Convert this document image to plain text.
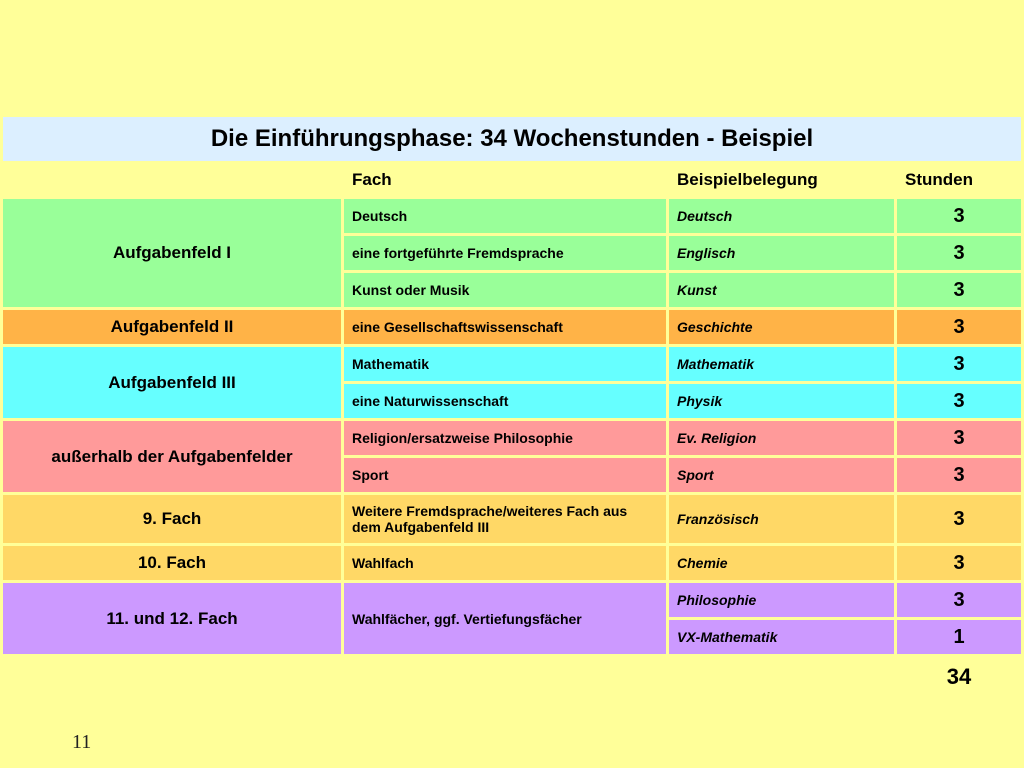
Die Einführungsphase: 34 Wochenstunden - Beispiel			
	Fach	Beispielbelegung	Stunden
Aufgabenfeld I	Deutsch	Deutsch	3
	eine fortgeführte Fremdsprache	Englisch	3
	Kunst oder Musik	Kunst	3
Aufgabenfeld II	eine Gesellschaftswissenschaft	Geschichte	3
Aufgabenfeld III	Mathematik	Mathematik	3
	eine Naturwissenschaft	Physik	3
außerhalb der Aufgabenfelder	Religion/ersatzweise Philosophie	Ev. Religion	3
	Sport	Sport	3
9. Fach	Weitere Fremdsprache/weiteres Fach aus dem Aufgabenfeld III	Französisch	3
10. Fach	Wahlfach	Chemie	3
11. und 12. Fach	Wahlfächer, ggf. Vertiefungsfächer	Philosophie	3
		VX-Mathematik	1
			34
11
